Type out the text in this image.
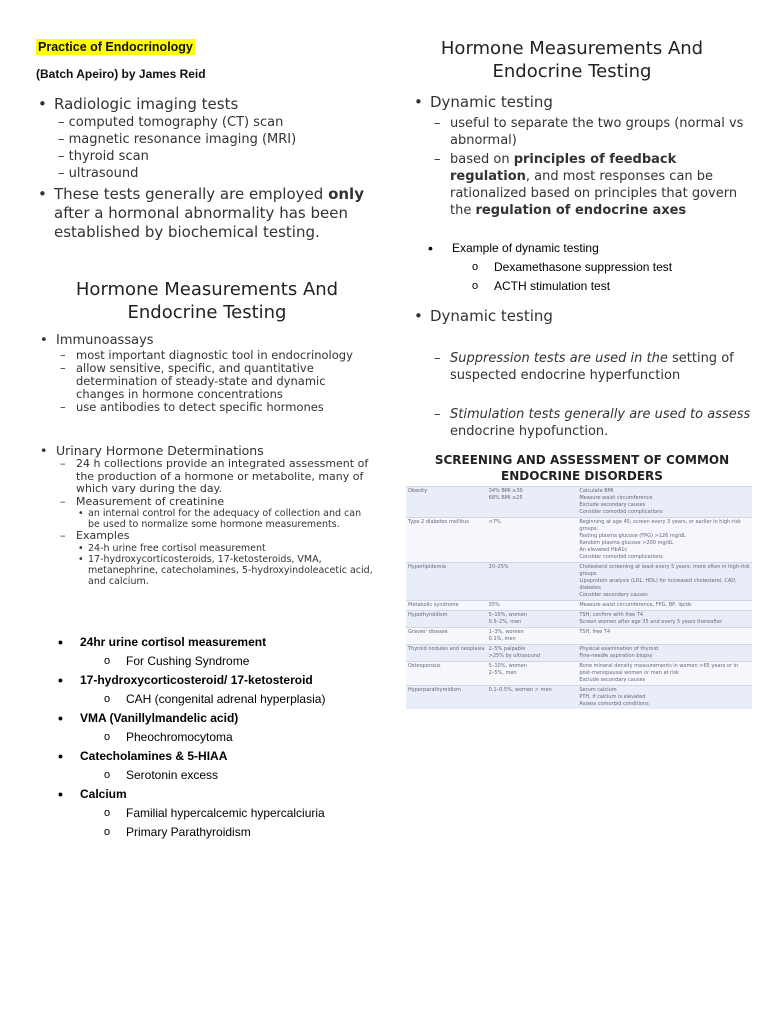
Practice of Endocrinology
(Batch Apeiro) by James Reid
• Radiologic imaging tests
– computed tomography (CT) scan
– magnetic resonance imaging (MRI)
– thyroid scan
– ultrasound
• These tests generally are employed only after a hormonal abnormality has been established by biochemical testing.
Hormone Measurements And Endocrine Testing
• Immunoassays
– most important diagnostic tool in endocrinology
– allow sensitive, specific, and quantitative determination of steady-state and dynamic changes in hormone concentrations
– use antibodies to detect specific hormones
• Urinary Hormone Determinations
– 24 h collections provide an integrated assessment of the production of a hormone or metabolite, many of which vary during the day.
– Measurement of creatinine
• an internal control for the adequacy of collection and can be used to normalize some hormone measurements.
– Examples
• 24-h urine free cortisol measurement
• 17-hydroxycorticosteroids, 17-ketosteroids, VMA, metanephrine, catecholamines, 5-hydroxyindoleacetic acid, and calcium.
• 24hr urine cortisol measurement
o For Cushing Syndrome
• 17-hydroxycorticosteroid/ 17-ketosteroid
o CAH (congenital adrenal hyperplasia)
• VMA (Vanillylmandelic acid)
o Pheochromocytoma
• Catecholamines & 5-HIAA
o Serotonin excess
• Calcium
o Familial hypercalcemic hypercalciuria
o Primary Parathyroidism
Hormone Measurements And Endocrine Testing
• Dynamic testing
– useful to separate the two groups (normal vs abnormal)
– based on principles of feedback regulation, and most responses can be rationalized based on principles that govern the regulation of endocrine axes
• Example of dynamic testing
o Dexamethasone suppression test
o ACTH stimulation test
• Dynamic testing
– Suppression tests are used in the setting of suspected endocrine hyperfunction
– Stimulation tests generally are used to assess endocrine hypofunction.
SCREENING AND ASSESSMENT OF COMMON ENDOCRINE DISORDERS
Obesity	34% BMI ≥30
68% BMI ≥25	Calculate BMI
Measure waist circumference
Exclude secondary causes
Consider comorbid complications
Type 2 diabetes mellitus	>7%	Beginning at age 45, screen every 3 years, or earlier in high-risk groups:
Fasting plasma glucose (FPG) >126 mg/dL
Random plasma glucose >200 mg/dL
An elevated HbA1c
Consider comorbid complications
Hyperlipidemia	20–25%	Cholesterol screening at least every 5 years; more often in high-risk groups
Lipoprotein analysis (LDL, HDL) for increased cholesterol, CAD, diabetes
Consider secondary causes
Metabolic syndrome	35%	Measure waist circumference, FPG, BP, lipids
Hypothyroidism	5–10%, women
0.5–2%, men	TSH; confirm with free T4
Screen women after age 35 and every 5 years thereafter
Graves' disease	1–3%, women
0.1%, men	TSH, free T4
Thyroid nodules and neoplasia	2–5% palpable
>25% by ultrasound	Physical examination of thyroid
Fine-needle aspiration biopsy
Osteoporosis	5–10%, women
2–5%, men	Bone mineral density measurements in women >65 years or in post-menopausal women or men at risk
Exclude secondary causes
Hyperparathyroidism	0.1–0.5%, women > men	Serum calcium
PTH, if calcium is elevated
Assess comorbid conditions
